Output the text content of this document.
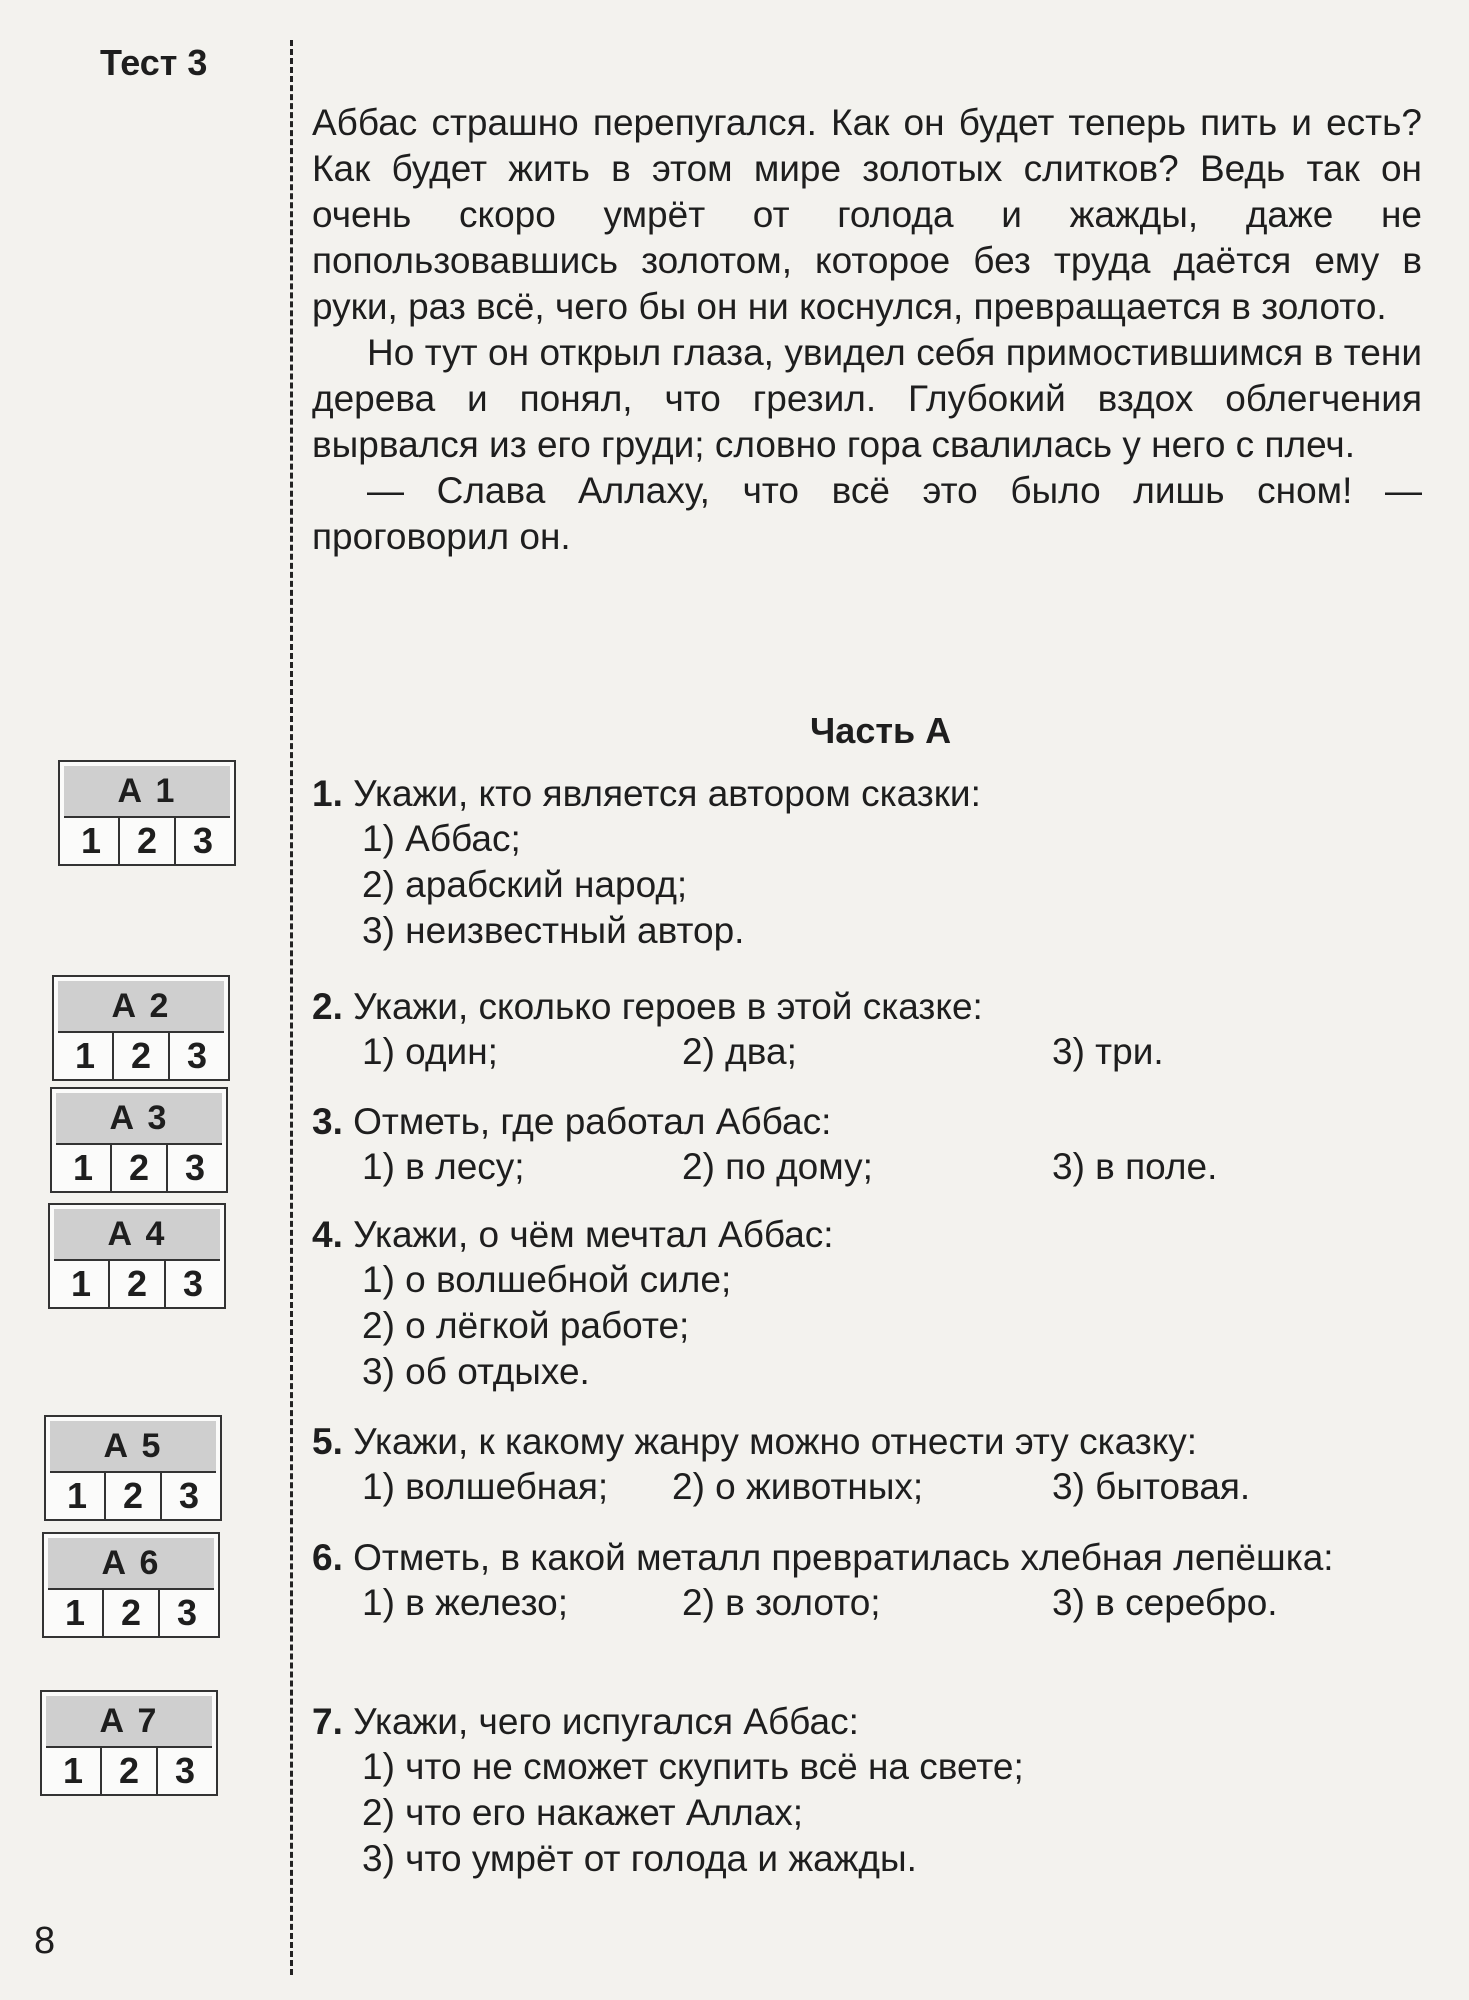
Тест 3
8

Аббас страшно перепугался. Как он будет теперь пить и есть? Как будет жить в этом мире золотых слитков? Ведь так он очень скоро умрёт от голода и жажды, даже не попользовавшись золотом, которое без труда даётся ему в руки, раз всё, чего бы он ни коснулся, превращается в золото.

Но тут он открыл глаза, увидел себя примостившимся в тени дерева и понял, что грезил. Глубокий вздох облегчения вырвался из его груди; словно гора свалилась у него с плеч.

— Слава Аллаху, что всё это было лишь сном! — проговорил он.

Часть А
А 1
1 2 3
А 2
1 2 3
А 3
1 2 3
А 4
1 2 3
А 5
1 2 3
А 6
1 2 3
А 7
1 2 3
1. Укажи, кто является автором сказки:
1) Аббас;
2) арабский народ;
3) неизвестный автор.
2. Укажи, сколько героев в этой сказке:
1) один;	2) два;	3) три.
3. Отметь, где работал Аббас:
1) в лесу;	2) по дому;	3) в поле.
4. Укажи, о чём мечтал Аббас:
1) о волшебной силе;
2) о лёгкой работе;
3) об отдыхе.
5. Укажи, к какому жанру можно отнести эту сказку:
1) волшебная;	2) о животных;	3) бытовая.
6. Отметь, в какой металл превратилась хлебная лепёшка:
1) в железо;	2) в золото;	3) в серебро.
7. Укажи, чего испугался Аббас:
1) что не сможет скупить всё на свете;
2) что его накажет Аллах;
3) что умрёт от голода и жажды.
